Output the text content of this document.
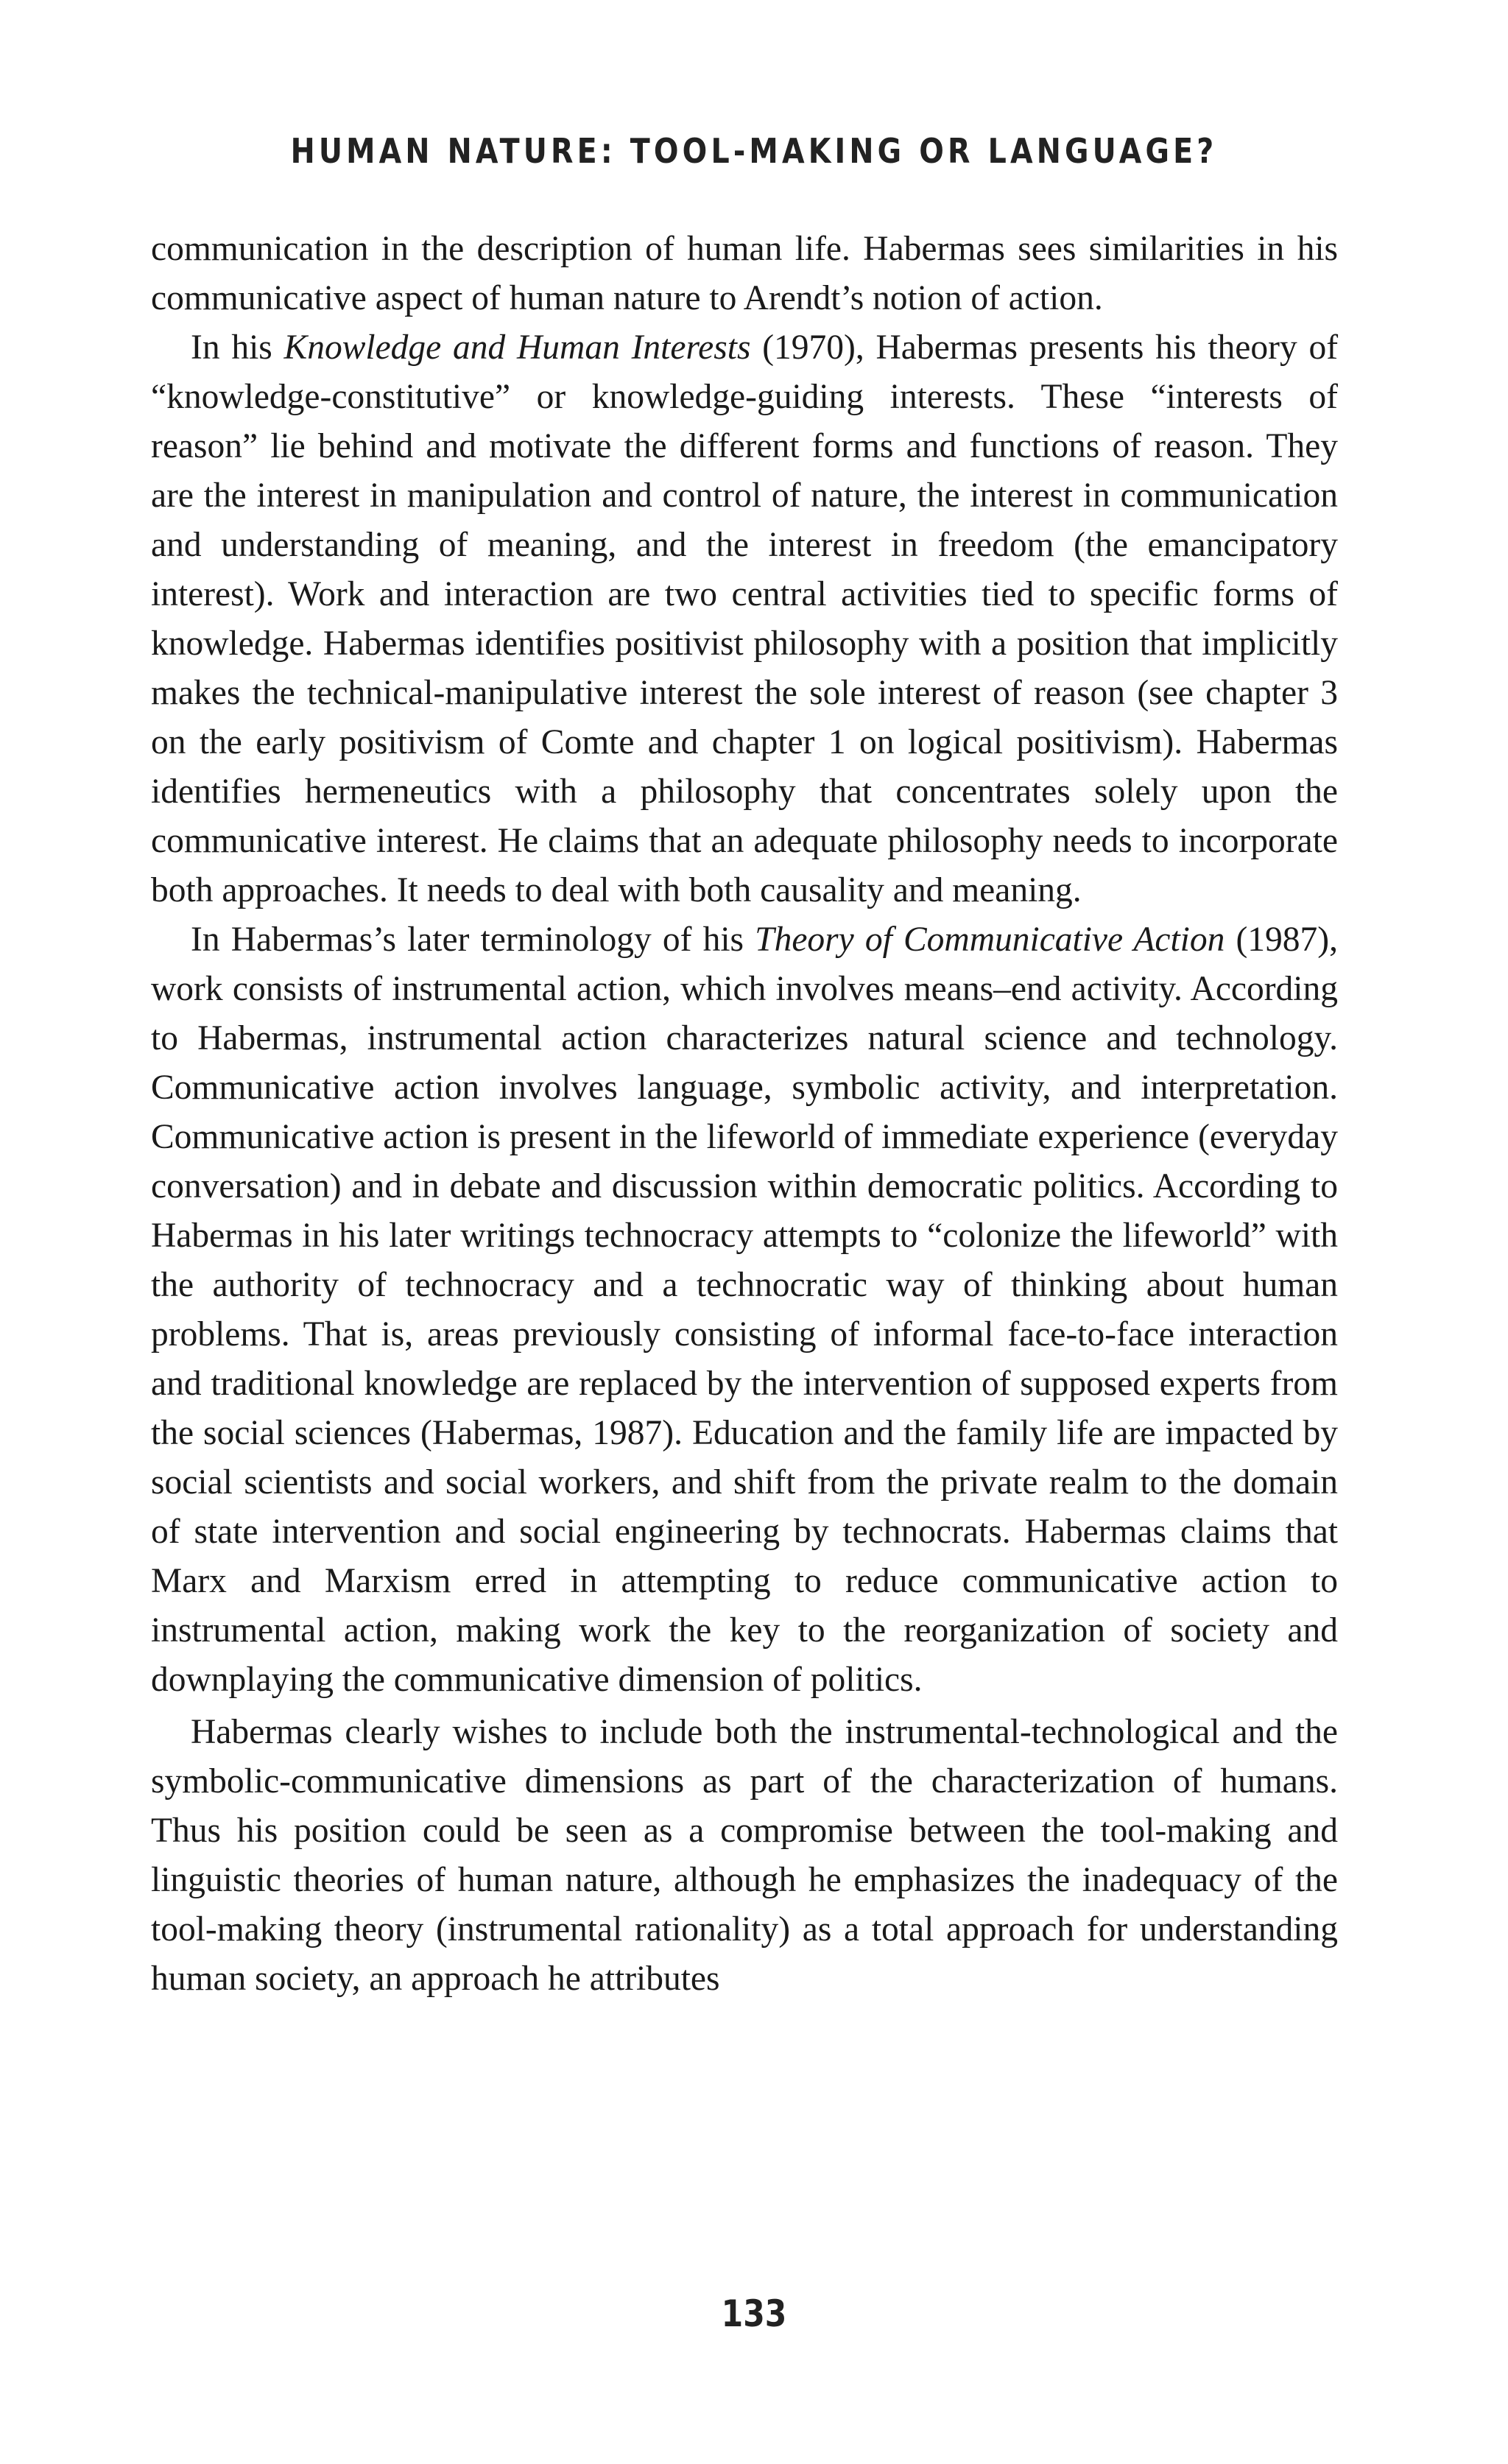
HUMAN NATURE: TOOL-MAKING OR LANGUAGE?

communication in the description of human life. Habermas sees similarities in his communicative aspect of human nature to Arendt’s notion of action.

In his Knowledge and Human Interests (1970), Habermas presents his theory of “knowledge-constitutive” or knowledge-guiding interests. These “interests of reason” lie behind and motivate the different forms and functions of reason. They are the interest in manipulation and control of nature, the interest in communication and understanding of meaning, and the interest in freedom (the emancipatory interest). Work and interaction are two central activities tied to specific forms of knowledge. Habermas identifies positivist philosophy with a position that implicitly makes the technical-manipulative interest the sole interest of reason (see chapter 3 on the early positivism of Comte and chapter 1 on logical positivism). Habermas identifies hermeneutics with a philosophy that concentrates solely upon the communicative interest. He claims that an adequate philosophy needs to incorporate both approaches. It needs to deal with both causality and meaning.

In Habermas’s later terminology of his Theory of Communicative Action (1987), work consists of instrumental action, which involves means–end activity. According to Habermas, instrumental action characterizes natural science and technology. Communicative action involves language, symbolic activity, and interpretation. Communicative action is present in the lifeworld of immediate experience (everyday conversation) and in debate and discussion within democratic politics. According to Habermas in his later writings technocracy attempts to “colonize the lifeworld” with the authority of technocracy and a technocratic way of thinking about human problems. That is, areas previously consisting of informal face-to-face interaction and traditional knowledge are replaced by the intervention of supposed experts from the social sciences (Habermas, 1987). Education and the family life are impacted by social scientists and social workers, and shift from the private realm to the domain of state intervention and social engineering by technocrats. Habermas claims that Marx and Marxism erred in attempting to reduce communicative action to instrumental action, making work the key to the reorganization of society and downplaying the communicative dimension of politics.

Habermas clearly wishes to include both the instrumental-technological and the symbolic-communicative dimensions as part of the characterization of humans. Thus his position could be seen as a compromise between the tool-making and linguistic theories of human nature, although he emphasizes the inadequacy of the tool-making theory (instrumental rationality) as a total approach for understanding human society, an approach he attributes

133
